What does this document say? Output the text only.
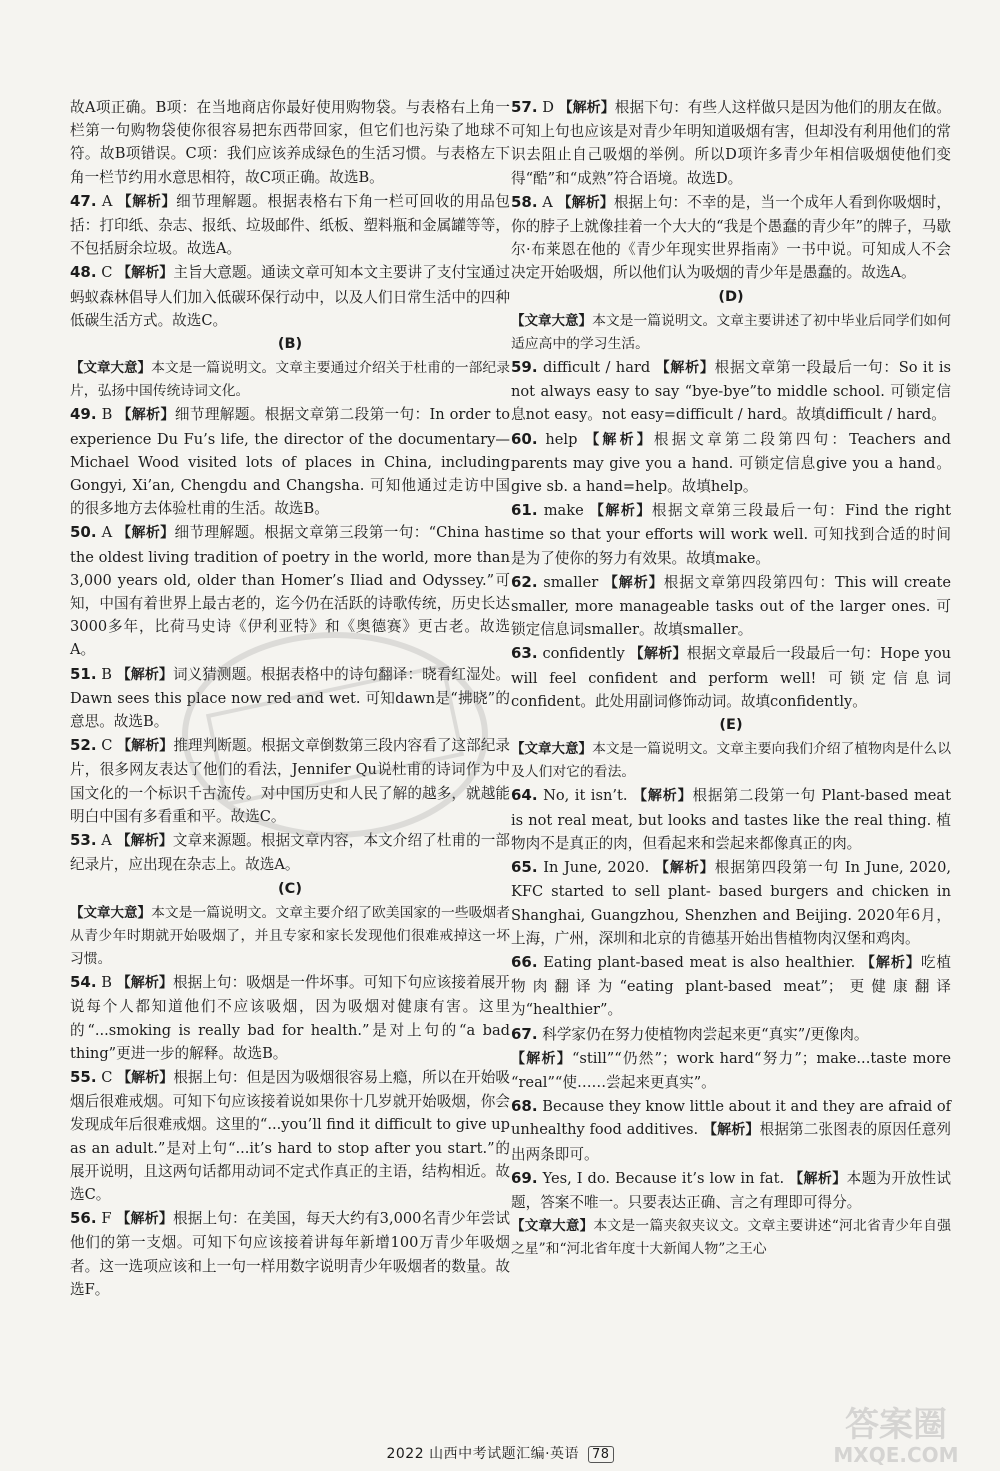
故A项正确。B项：在当地商店你最好使用购物袋。与表格右上角一栏第一句购物袋使你很容易把东西带回家，但它们也污染了地球不符。故B项错误。C项：我们应该养成绿色的生活习惯。与表格左下角一栏节约用水意思相符，故C项正确。故选B。
47. A 【解析】细节理解题。根据表格右下角一栏可回收的用品包括：打印纸、杂志、报纸、垃圾邮件、纸板、塑料瓶和金属罐等等，不包括厨余垃圾。故选A。
48. C 【解析】主旨大意题。通读文章可知本文主要讲了支付宝通过蚂蚁森林倡导人们加入低碳环保行动中，以及人们日常生活中的四种低碳生活方式。故选C。
(B)
【文章大意】本文是一篇说明文。文章主要通过介绍关于杜甫的一部纪录片，弘扬中国传统诗词文化。
49. B 【解析】细节理解题。根据文章第二段第一句：In order to experience Du Fu’s life, the director of the documentary—Michael Wood visited lots of places in China, including Gongyi, Xi’an, Chengdu and Changsha. 可知他通过走访中国的很多地方去体验杜甫的生活。故选B。
50. A 【解析】细节理解题。根据文章第三段第一句：“China has the oldest living tradition of poetry in the world, more than 3,000 years old, older than Homer’s Iliad and Odyssey.”可知，中国有着世界上最古老的，迄今仍在活跃的诗歌传统，历史长达3000多年，比荷马史诗《伊利亚特》和《奥德赛》更古老。故选A。
51. B 【解析】词义猜测题。根据表格中的诗句翻译：晓看红湿处。Dawn sees this place now red and wet. 可知dawn是“拂晓”的意思。故选B。
52. C 【解析】推理判断题。根据文章倒数第三段内容看了这部纪录片，很多网友表达了他们的看法，Jennifer Qu说杜甫的诗词作为中国文化的一个标识千古流传。对中国历史和人民了解的越多，就越能明白中国有多看重和平。故选C。
53. A 【解析】文章来源题。根据文章内容，本文介绍了杜甫的一部纪录片，应出现在杂志上。故选A。
(C)
【文章大意】本文是一篇说明文。文章主要介绍了欧美国家的一些吸烟者从青少年时期就开始吸烟了，并且专家和家长发现他们很难戒掉这一坏习惯。
54. B 【解析】根据上句：吸烟是一件坏事。可知下句应该接着展开说每个人都知道他们不应该吸烟，因为吸烟对健康有害。这里的“...smoking is really bad for health.”是对上句的“a bad thing”更进一步的解释。故选B。
55. C 【解析】根据上句：但是因为吸烟很容易上瘾，所以在开始吸烟后很难戒烟。可知下句应该接着说如果你十几岁就开始吸烟，你会发现成年后很难戒烟。这里的“...you’ll find it difficult to give up as an adult.”是对上句“...it’s hard to stop after you start.”的展开说明，且这两句话都用动词不定式作真正的主语，结构相近。故选C。
56. F 【解析】根据上句：在美国，每天大约有3,000名青少年尝试他们的第一支烟。可知下句应该接着讲每年新增100万青少年吸烟者。这一选项应该和上一句一样用数字说明青少年吸烟者的数量。故选F。
57. D 【解析】根据下句：有些人这样做只是因为他们的朋友在做。可知上句也应该是对青少年明知道吸烟有害，但却没有利用他们的常识去阻止自己吸烟的举例。所以D项许多青少年相信吸烟使他们变得“酷”和“成熟”符合语境。故选D。
58. A 【解析】根据上句：不幸的是，当一个成年人看到你吸烟时，你的脖子上就像挂着一个大大的“我是个愚蠢的青少年”的牌子，马歇尔·布莱恩在他的《青少年现实世界指南》一书中说。可知成人不会决定开始吸烟，所以他们认为吸烟的青少年是愚蠢的。故选A。
(D)
【文章大意】本文是一篇说明文。文章主要讲述了初中毕业后同学们如何适应高中的学习生活。
59. difficult / hard 【解析】根据文章第一段最后一句：So it is not always easy to say “bye-bye”to middle school. 可锁定信息not easy。not easy=difficult / hard。故填difficult / hard。
60. help 【解析】根据文章第二段第四句：Teachers and parents may give you a hand. 可锁定信息give you a hand。give sb. a hand=help。故填help。
61. make 【解析】根据文章第三段最后一句：Find the right time so that your efforts will work well. 可知找到合适的时间是为了使你的努力有效果。故填make。
62. smaller 【解析】根据文章第四段第四句：This will create smaller, more manageable tasks out of the larger ones. 可锁定信息词smaller。故填smaller。
63. confidently 【解析】根据文章最后一段最后一句：Hope you will feel confident and perform well! 可锁定信息词confident。此处用副词修饰动词。故填confidently。
(E)
【文章大意】本文是一篇说明文。文章主要向我们介绍了植物肉是什么以及人们对它的看法。
64. No, it isn’t. 【解析】根据第二段第一句 Plant-based meat is not real meat, but looks and tastes like the real thing. 植物肉不是真正的肉，但看起来和尝起来都像真正的肉。
65. In June, 2020. 【解析】根据第四段第一句 In June, 2020, KFC started to sell plant- based burgers and chicken in Shanghai, Guangzhou, Shenzhen and Beijing. 2020年6月，上海，广州，深圳和北京的肯德基开始出售植物肉汉堡和鸡肉。
66. Eating plant-based meat is also healthier. 【解析】吃植物肉翻译为“eating plant-based meat”；更健康翻译为“healthier”。
67. 科学家仍在努力使植物肉尝起来更“真实”/更像肉。
【解析】“still”“仍然”；work hard“努力”；make...taste more “real”“使……尝起来更真实”。
68. Because they know little about it and they are afraid of unhealthy food additives. 【解析】根据第二张图表的原因任意列出两条即可。
69. Yes, I do. Because it’s low in fat. 【解析】本题为开放性试题，答案不唯一。只要表达正确、言之有理即可得分。
【文章大意】本文是一篇夹叙夹议文。文章主要讲述“河北省青少年自强之星”和“河北省年度十大新闻人物”之王心
2022 山西中考试题汇编·英语 78
答案圈
MXQE.COM
